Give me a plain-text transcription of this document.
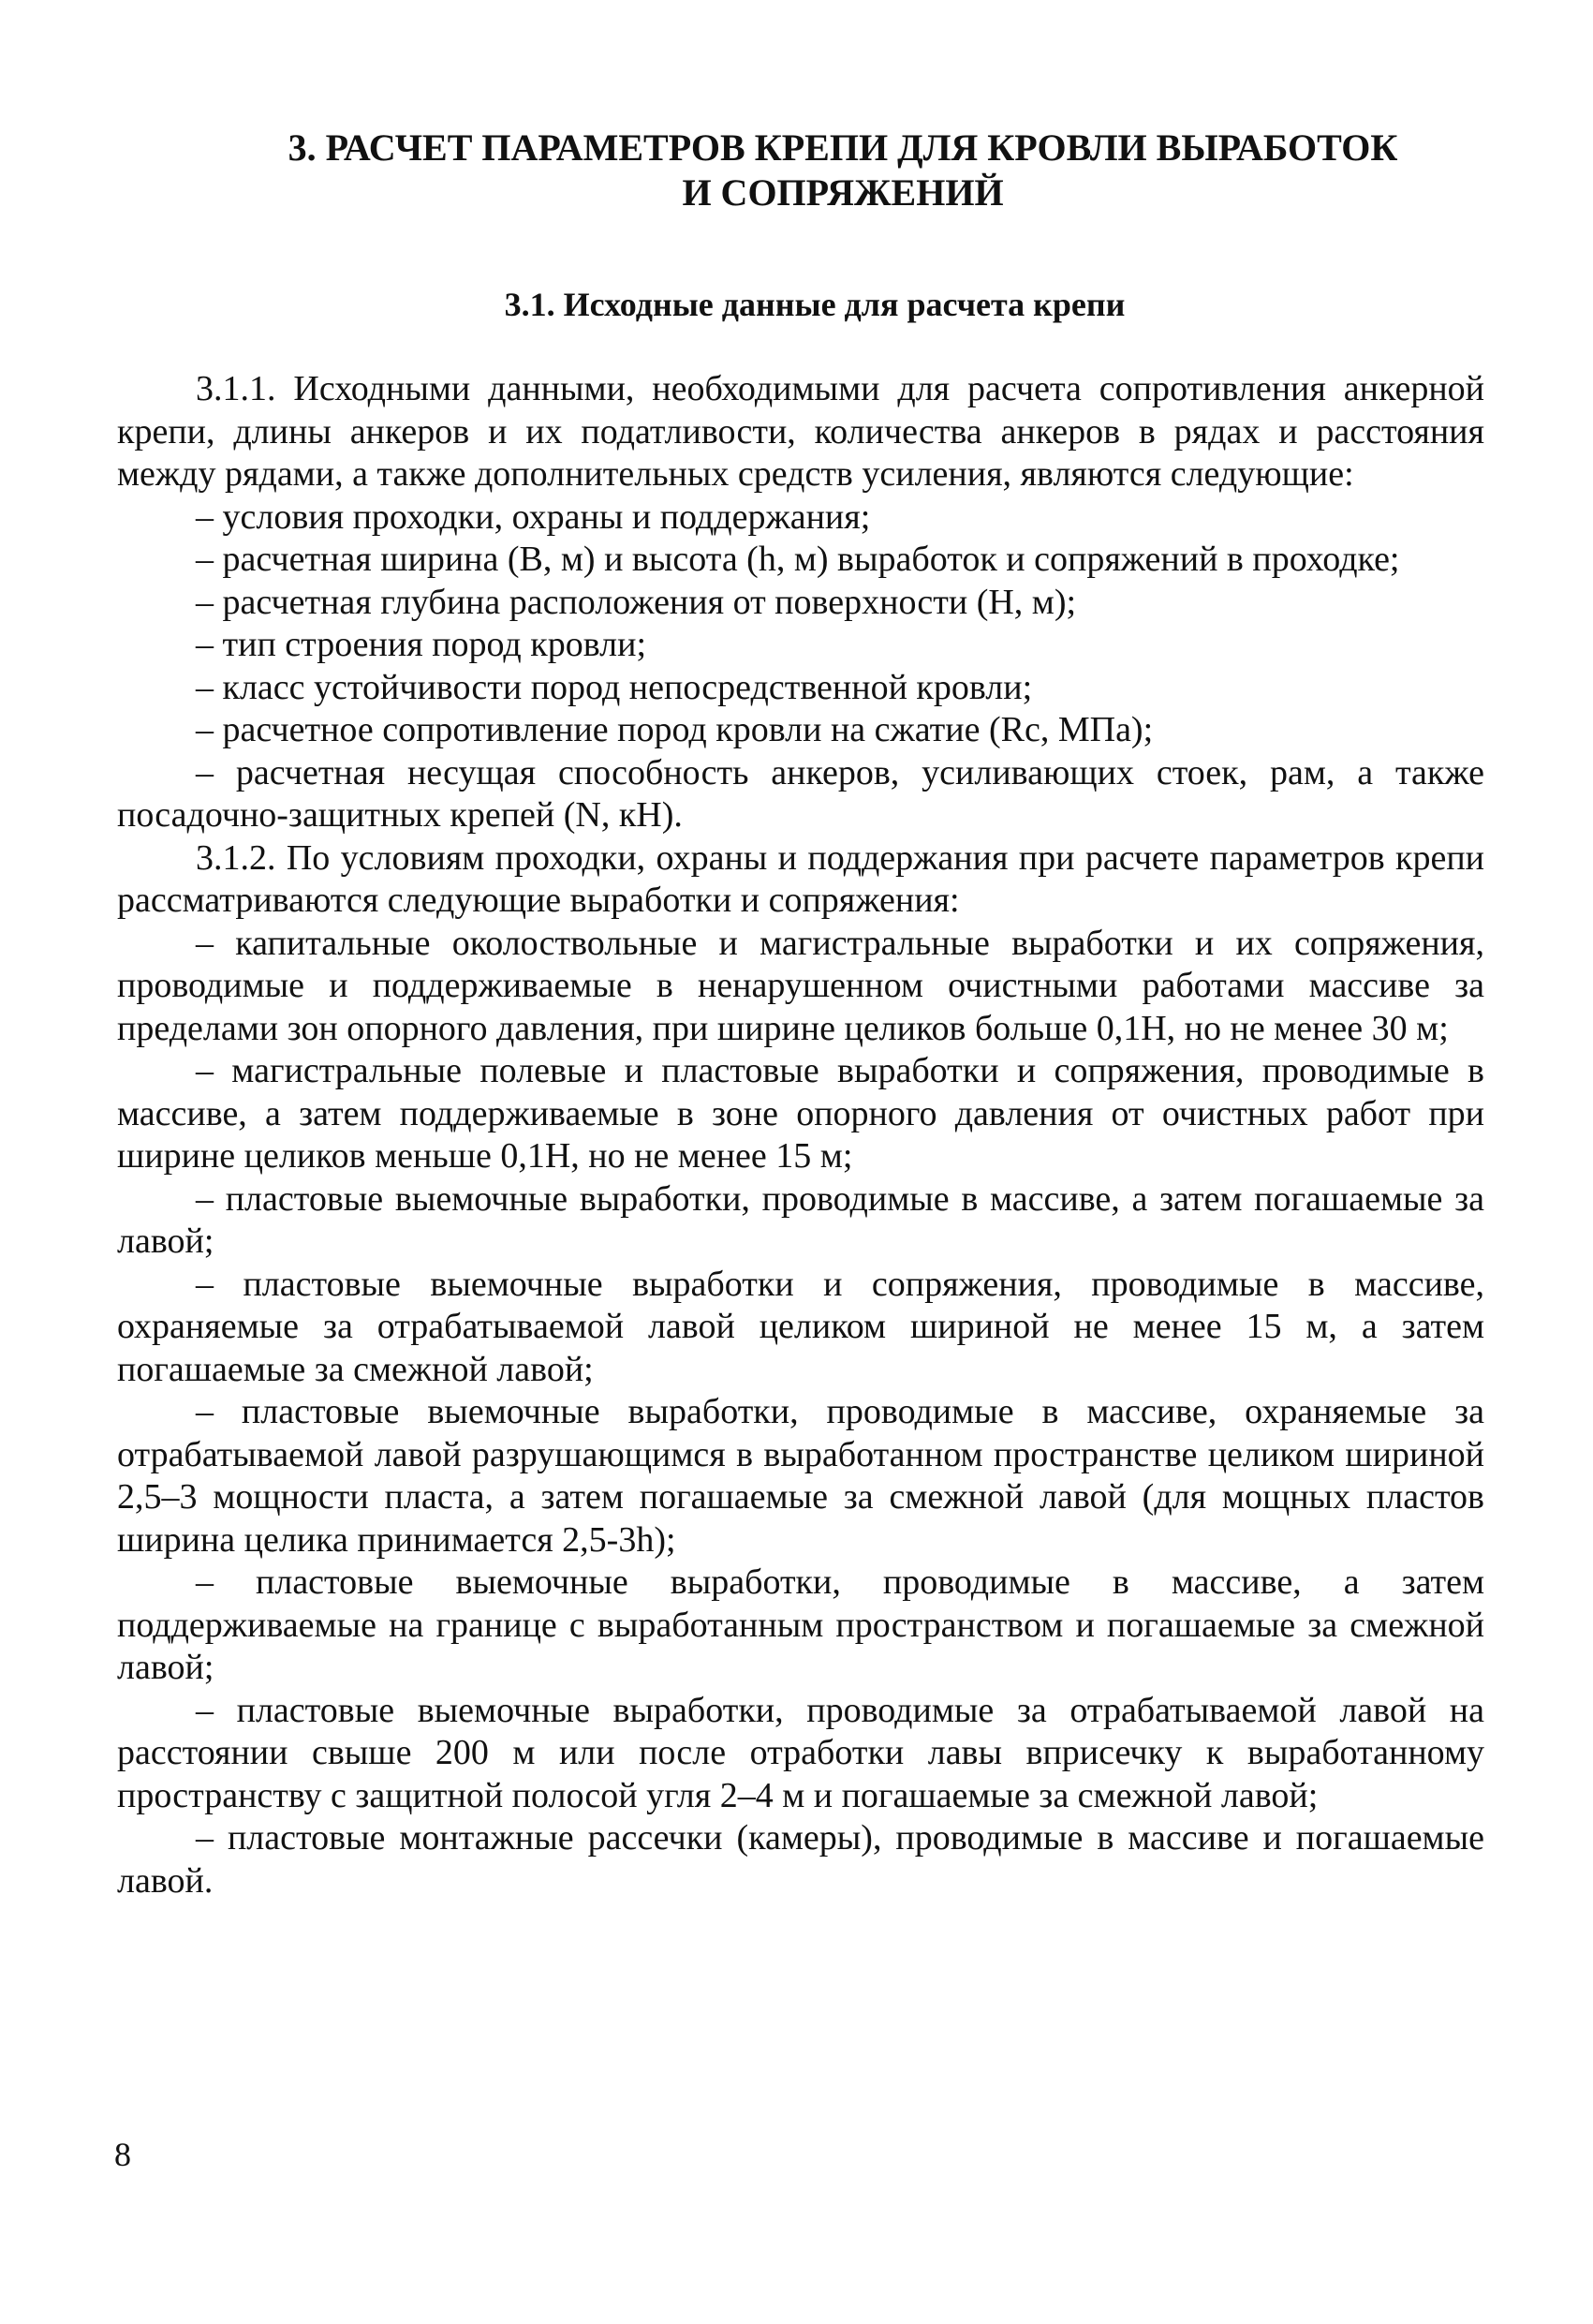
3. РАСЧЕТ ПАРАМЕТРОВ КРЕПИ ДЛЯ КРОВЛИ ВЫРАБОТОК
И СОПРЯЖЕНИЙ
3.1. Исходные данные для расчета крепи

3.1.1. Исходными данными, необходимыми для расчета сопротивления анкерной крепи, длины анкеров и их податливости, количества анкеров в рядах и расстояния между рядами, а также дополнительных средств усиления, являются следующие:

– условия проходки, охраны и поддержания;

– расчетная ширина (B, м) и высота (h, м) выработок и сопряжений в проходке;

– расчетная глубина расположения от поверхности (H, м);

– тип строения пород кровли;

– класс устойчивости пород непосредственной кровли;

– расчетное сопротивление пород кровли на сжатие (Rc, МПа);

– расчетная несущая способность анкеров, усиливающих стоек, рам, а также посадочно-защитных крепей (N, кН).

3.1.2. По условиям проходки, охраны и поддержания при расчете параметров крепи рассматриваются следующие выработки и сопряжения:

– капитальные околоствольные и магистральные выработки и их сопряжения, проводимые и поддерживаемые в ненарушенном очистными работами массиве за пределами зон опорного давления, при ширине целиков больше 0,1H, но не менее 30 м;

– магистральные полевые и пластовые выработки и сопряжения, проводимые в массиве, а затем поддерживаемые в зоне опорного давления от очистных работ при ширине целиков меньше 0,1H, но не менее 15 м;

– пластовые выемочные выработки, проводимые в массиве, а затем погашаемые за лавой;

– пластовые выемочные выработки и сопряжения, проводимые в массиве, охраняемые за отрабатываемой лавой целиком шириной не менее 15 м, а затем погашаемые за смежной лавой;

– пластовые выемочные выработки, проводимые в массиве, охраняемые за отрабатываемой лавой разрушающимся в выработанном пространстве целиком шириной 2,5–3 мощности пласта, а затем погашаемые за смежной лавой (для мощных пластов ширина целика принимается 2,5-3h);

– пластовые выемочные выработки, проводимые в массиве, а затем поддерживаемые на границе с выработанным пространством и погашаемые за смежной лавой;

– пластовые выемочные выработки, проводимые за отрабатываемой лавой на расстоянии свыше 200 м или после отработки лавы вприсечку к выработанному пространству с защитной полосой угля 2–4 м и погашаемые за смежной лавой;

– пластовые монтажные рассечки (камеры), проводимые в массиве и погашаемые лавой.

8
